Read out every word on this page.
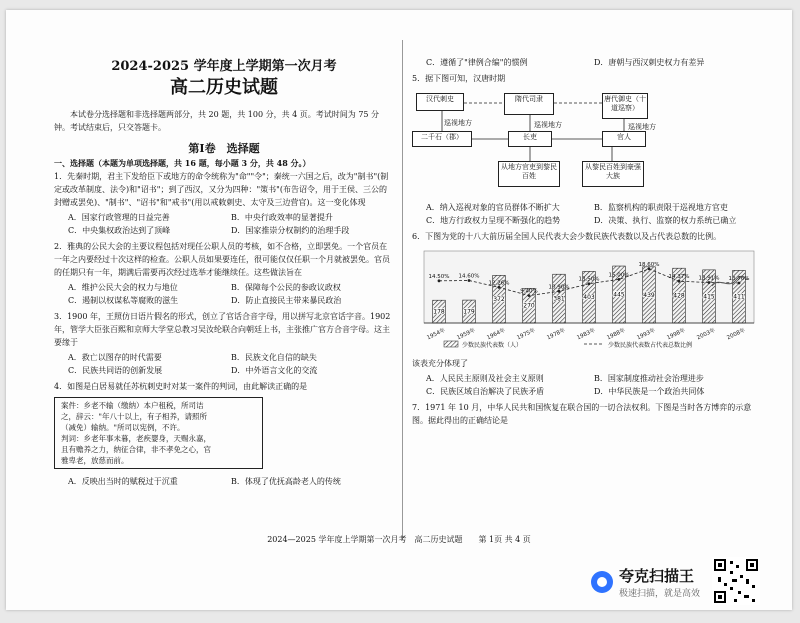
2024-2025 学年度上学期第一次月考

高二历史试题

本试卷分选择题和非选择题两部分，共 20 题，共 100 分，共 4 页。考试时间为 75 分钟。考试结束后，只交答题卡。

第Ⅰ卷　选择题

一、选择题（本题为单项选择题，共 16 题，每小题 3 分，共 48 分。）

1．先秦时期，君主下发给臣下或地方的命令统称为"命""令"；秦统一六国之后，改为"制书"(制定或改革制度、法令)和"诏书"；到了西汉，又分为四种："策书"(布告诏令，用于王侯、三公的封赠或罢免)、"制书"、"诏书"和"戒书"(用以戒敕刺史、太守及三边营官)。这一变化体现

A．国家行政管理的日益完善	B．中央行政效率的显著提升
C．中央集权政治达到了顶峰	D．国家推崇分权制约的治理手段

2．雅典的公民大会的主要议程包括对现任公职人员的考核，如不合格，立即罢免。一个官员在一年之内要经过十次这样的检查。公职人员如果要连任，很可能仅仅任职一个月就被罢免。官员的任期只有一年，期满后需要再次经过选举才能继续任。这些做法旨在

A．维护公民大会的权力与地位	B．保障每个公民的参政议政权
C．遏制以权谋私等腐败的滋生	D．防止直接民主带来暴民政治

3．1900 年，王照仿日语片假名的形式，创立了官话合音字母，用以拼写北京官话字音。1902 年，管学大臣张百熙和京师大学堂总教习吴汝纶联合向朝廷上书，主张推广官方合音字母。这主要缘于

A．救亡以图存的时代需要	B．民族文化自信的缺失
C．民族共同语的创新发展	D．中外语言文化的交流

4．如图是白居易就任苏杭刺史时对某一案件的判词，由此解读正确的是

案件：乡老不输（缴纳）本户租税，所司诘
之，辞云："年八十以上，有子相养，请照所
（减免）输纳。"所司以宪例，不许。
判词：乡老年事未暮，老疾婴身，天赐永嘉，
且有赡养之力，纳征合律，非不孝免之心，官
雅卑老，放慈而前。
A．反映出当时的赋税过于沉重	B．体现了优抚高龄老人的传统
C．遵循了"律例合编"的惯例	D．唐朝与西汉刺史权力有差异

5．据下图可知，汉唐时期

汉代刺史	隋代司隶	唐代御史（十道巡察）
二千石（郡）	长吏	官人
巡视地方	巡视地方	巡视地方
从地方官吏到黎民百姓
从黎民百姓到豪强大族
A．纳入巡视对象的官员群体不断扩大	B．监察机构的职责限于巡视地方官吏
C．地方行政权力呈现不断强化的趋势	D．决策、执行、监察的权力系统已确立

6．下图为党的十八大前历届全国人民代表大会少数民族代表数以及占代表总数的比例。

178
1954年
179
1959年
372
1964年
270
1975年
381
1978年
403
1983年
445
1988年
439
1993年
428
1998年
415
2003年
411
2008年
14.50% 14.60%
12.26%
9.40%
10.90%
13.50%
15.00%
18.60%
14.37% 13.91% 13.76%
少数民族代表数（人）	少数民族代表数占代表总数比例

该表充分体现了

A．人民民主原则及社会主义原则	B．国家制度推动社会治理进步
C．民族区域自治解决了民族矛盾	D．中华民族是一个政治共同体

7．1971 年 10 月，中华人民共和国恢复在联合国的一切合法权利。下图是当时各方博弈的示意图。据此得出的正确结论是

2024—2025 学年度上学期第一次月考　高二历史试题　　第 1页 共 4 页
夸克扫描王
极速扫描，就是高效
